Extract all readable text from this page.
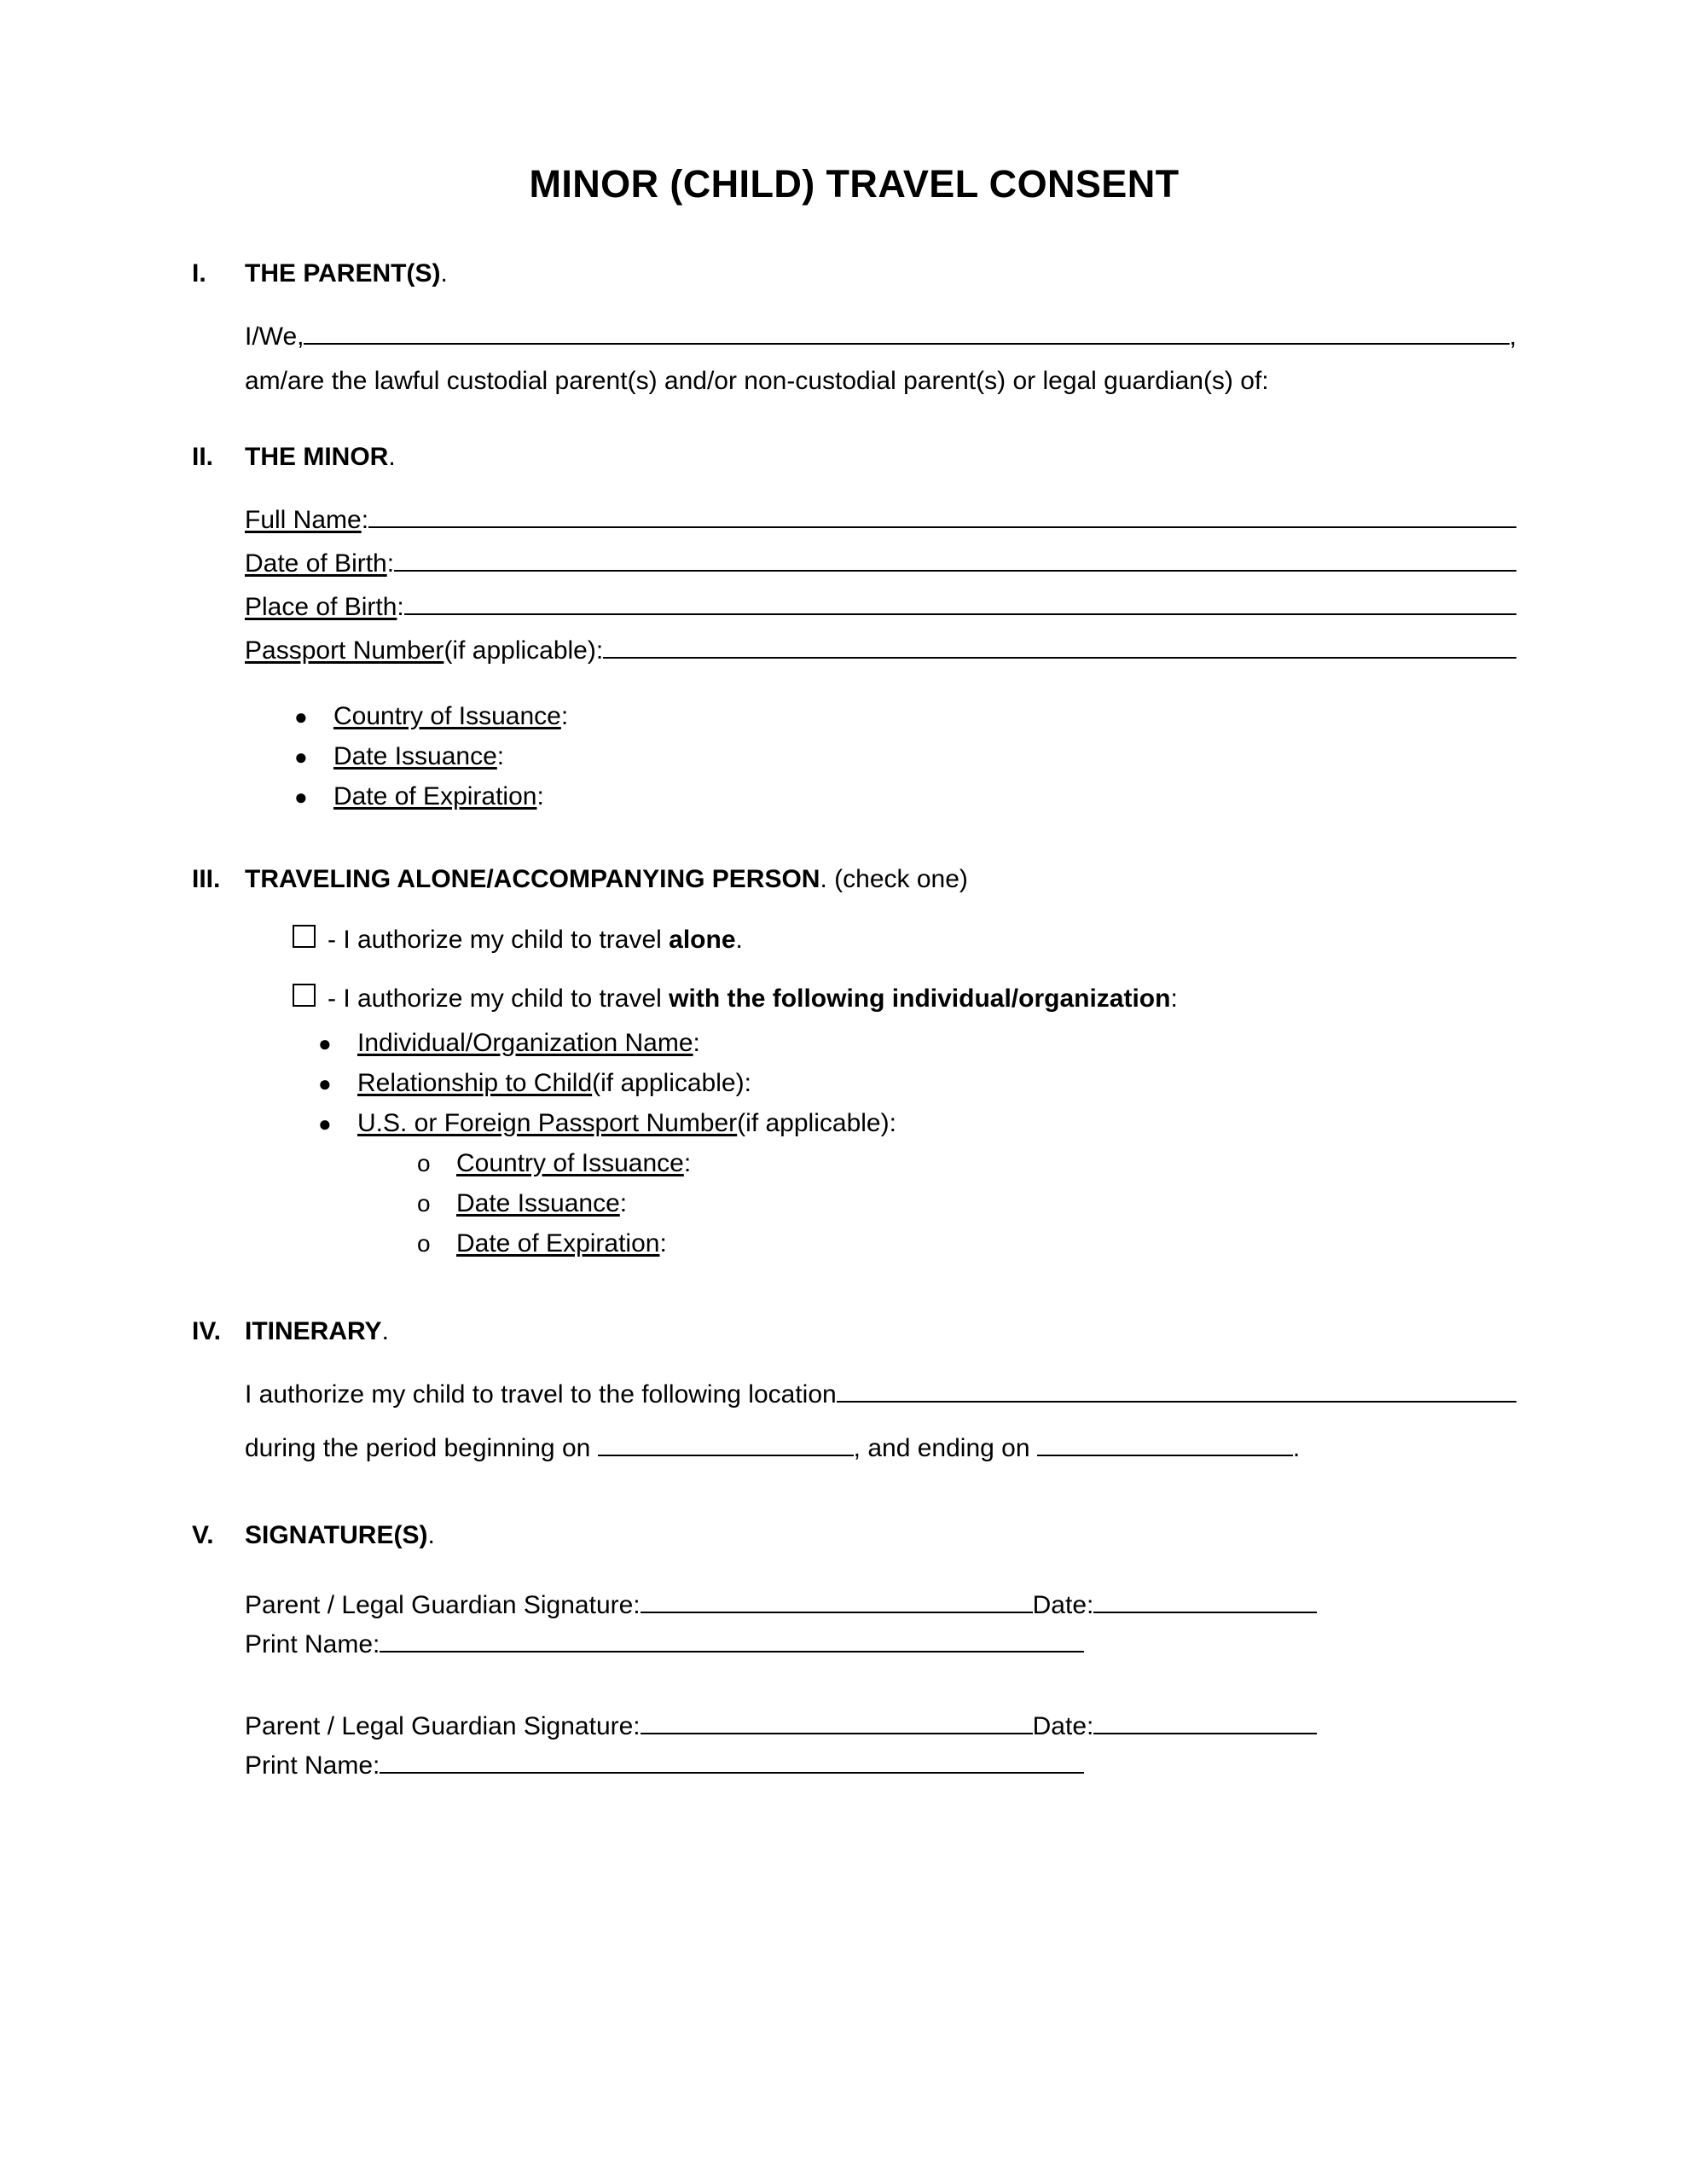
MINOR (CHILD) TRAVEL CONSENT
I.	THE PARENT(S).
I/We,	,
am/are the lawful custodial parent(s) and/or non-custodial parent(s) or legal guardian(s) of:
II.	THE MINOR.
Full Name :
Date of Birth :
Place of Birth :
Passport Number (if applicable):
●	Country of Issuance :
●	Date Issuance :
●	Date of Expiration :
III. TRAVELING ALONE/ACCOMPANYING PERSON. (check one)
- I authorize my child to travel alone.
- I authorize my child to travel with the following individual/organization:
●	Individual/Organization Name :
●	Relationship to Child (if applicable) :
●	U.S. or Foreign Passport Number (if applicable) :
o	Country of Issuance :
o	Date Issuance :
o	Date of Expiration :
IV. ITINERARY.
I authorize my child to travel to the following location
during the period beginning on	, and ending on	.
V.	SIGNATURE(S).
Parent / Legal Guardian Signature:	Date:
Print Name:
Parent / Legal Guardian Signature:	Date:
Print Name:
